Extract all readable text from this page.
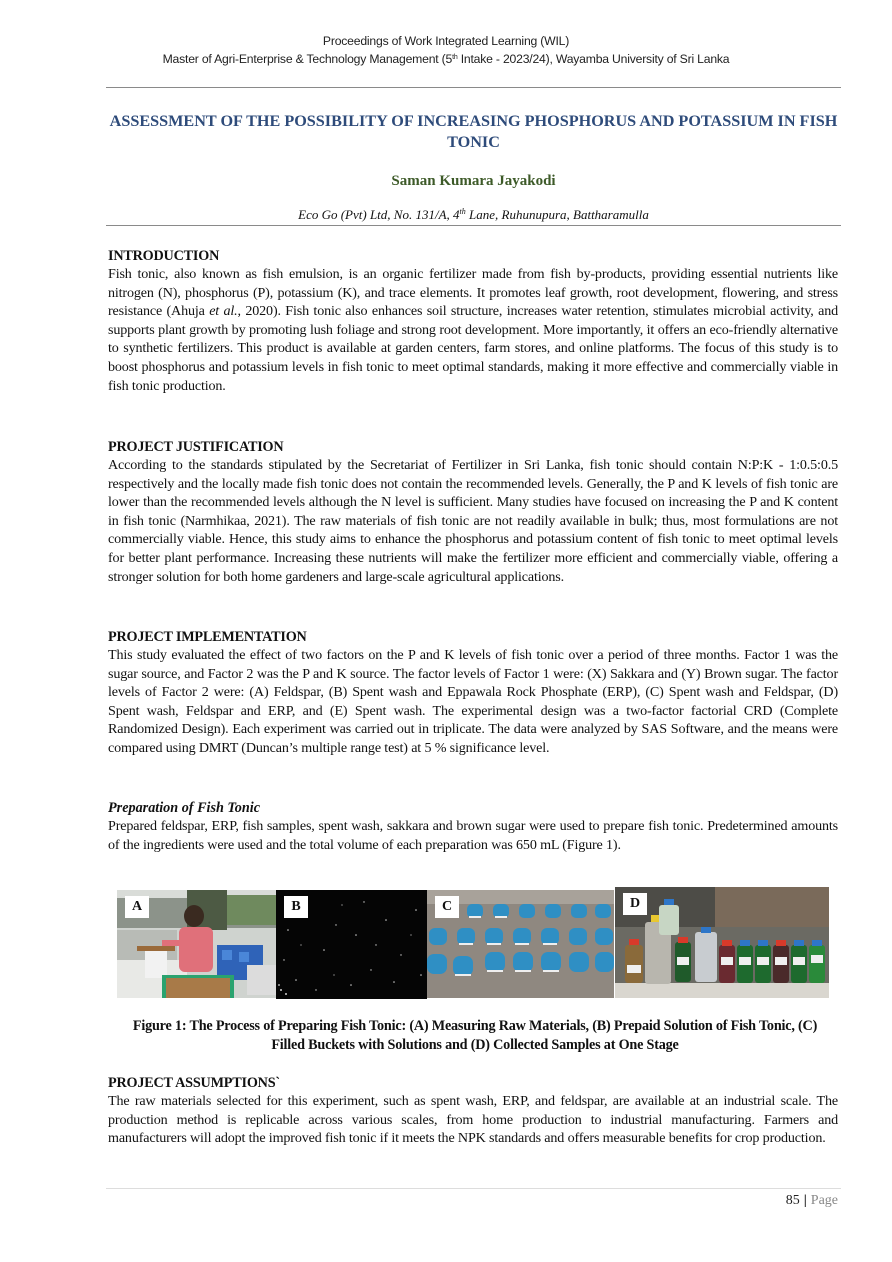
Proceedings of Work Integrated Learning (WIL)
Master of Agri-Enterprise & Technology Management (5th Intake - 2023/24), Wayamba University of Sri Lanka
ASSESSMENT OF THE POSSIBILITY OF INCREASING PHOSPHORUS AND POTASSIUM IN FISH TONIC
Saman Kumara Jayakodi
Eco Go (Pvt) Ltd, No. 131/A, 4th Lane, Ruhunupura, Battharamulla
INTRODUCTION

Fish tonic, also known as fish emulsion, is an organic fertilizer made from fish by-products, providing essential nutrients like nitrogen (N), phosphorus (P), potassium (K), and trace elements. It promotes leaf growth, root development, flowering, and stress resistance (Ahuja et al., 2020). Fish tonic also enhances soil structure, increases water retention, stimulates microbial activity, and supports plant growth by promoting lush foliage and strong root development. More importantly, it offers an eco-friendly alternative to synthetic fertilizers. This product is available at garden centers, farm stores, and online platforms. The focus of this study is to boost phosphorus and potassium levels in fish tonic to meet optimal standards, making it more effective and commercially viable in fish tonic production.

PROJECT JUSTIFICATION

According to the standards stipulated by the Secretariat of Fertilizer in Sri Lanka, fish tonic should contain N:P:K - 1:0.5:0.5 respectively and the locally made fish tonic does not contain the recommended levels. Generally, the P and K levels of fish tonic are lower than the recommended levels although the N level is sufficient. Many studies have focused on increasing the P and K content in fish tonic (Narmhikaa, 2021). The raw materials of fish tonic are not readily available in bulk; thus, most formulations are not commercially viable. Hence, this study aims to enhance the phosphorus and potassium content of fish tonic to meet optimal levels for better plant performance. Increasing these nutrients will make the fertilizer more efficient and commercially viable, offering a stronger solution for both home gardeners and large-scale agricultural applications.

PROJECT IMPLEMENTATION

This study evaluated the effect of two factors on the P and K levels of fish tonic over a period of three months. Factor 1 was the sugar source, and Factor 2 was the P and K source. The factor levels of Factor 1 were: (X) Sakkara and (Y) Brown sugar. The factor levels of Factor 2 were: (A) Feldspar, (B) Spent wash and Eppawala Rock Phosphate (ERP), (C) Spent wash and Feldspar, (D) Spent wash, Feldspar and ERP, and (E) Spent wash. The experimental design was a two-factor factorial CRD (Complete Randomized Design). Each experiment was carried out in triplicate. The data were analyzed by SAS Software, and the means were compared using DMRT (Duncan’s multiple range test) at 5 % significance level.

Preparation of Fish Tonic

Prepared feldspar, ERP, fish samples, spent wash, sakkara and brown sugar were used to prepare fish tonic. Predetermined amounts of the ingredients were used and the total volume of each preparation was 650 mL (Figure 1).

A	B	C	D
Figure 1: The Process of Preparing Fish Tonic: (A) Measuring Raw Materials, (B) Prepaid Solution of Fish Tonic, (C) Filled Buckets with Solutions and (D) Collected Samples at One Stage
PROJECT ASSUMPTIONS`

The raw materials selected for this experiment, such as spent wash, ERP, and feldspar, are available at an industrial scale. The production method is replicable across various scales, from home production to industrial manufacturing. Farmers and manufacturers will adopt the improved fish tonic if it meets the NPK standards and offers measurable benefits for crop production.

85 | Page
